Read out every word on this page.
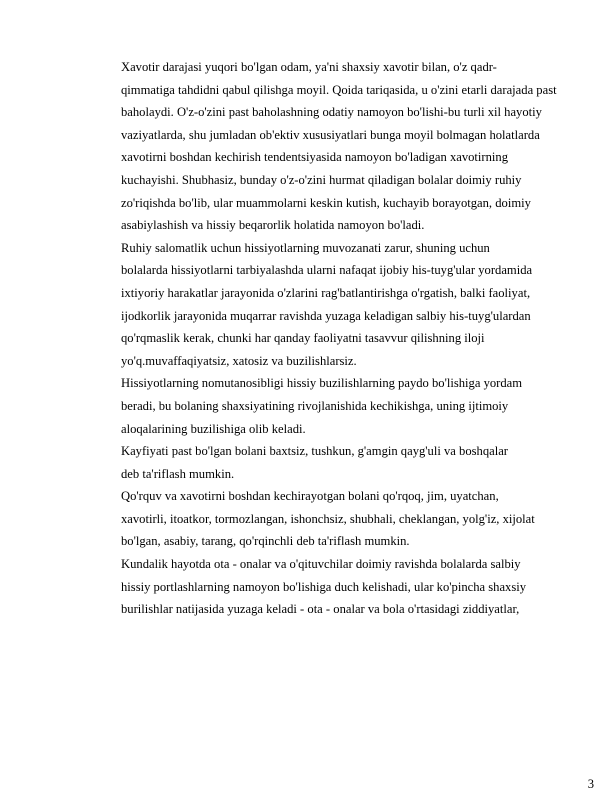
Xavotir darajasi yuqori bo'lgan odam, ya'ni shaxsiy xavotir bilan, o'z qadr-
qimmatiga tahdidni qabul qilishga moyil. Qoida tariqasida, u o'zini etarli darajada past
baholaydi. O'z-o'zini past baholashning odatiy namoyon bo'lishi-bu turli xil hayotiy
vaziyatlarda, shu jumladan ob'ektiv xususiyatlari bunga moyil bolmagan holatlarda
xavotirni boshdan kechirish tendentsiyasida namoyon bo'ladigan xavotirning
kuchayishi. Shubhasiz, bunday o'z-o'zini hurmat qiladigan bolalar doimiy ruhiy
zo'riqishda bo'lib, ular muammolarni keskin kutish, kuchayib borayotgan, doimiy
asabiylashish va hissiy beqarorlik holatida namoyon bo'ladi.

Ruhiy salomatlik uchun hissiyotlarning muvozanati zarur, shuning uchun
bolalarda hissiyotlarni tarbiyalashda ularni nafaqat ijobiy his-tuyg'ular yordamida
ixtiyoriy harakatlar jarayonida o'zlarini rag'batlantirishga o'rgatish, balki faoliyat,
ijodkorlik jarayonida muqarrar ravishda yuzaga keladigan salbiy his-tuyg'ulardan
qo'rqmaslik kerak, chunki har qanday faoliyatni tasavvur qilishning iloji
yo'q.muvaffaqiyatsiz, xatosiz va buzilishlarsiz.

Hissiyotlarning nomutanosibligi hissiy buzilishlarning paydo bo'lishiga yordam
beradi, bu bolaning shaxsiyatining rivojlanishida kechikishga, uning ijtimoiy
aloqalarining buzilishiga olib keladi.

Kayfiyati past bo'lgan bolani baxtsiz, tushkun, g'amgin qayg'uli va boshqalar
deb ta'riflash mumkin.

Qo'rquv va xavotirni boshdan kechirayotgan bolani qo'rqoq, jim, uyatchan,
xavotirli, itoatkor, tormozlangan, ishonchsiz, shubhali, cheklangan, yolg'iz, xijolat
bo'lgan, asabiy, tarang, qo'rqinchli deb ta'riflash mumkin.

Kundalik hayotda ota - onalar va o'qituvchilar doimiy ravishda bolalarda salbiy
hissiy portlashlarning namoyon bo'lishiga duch kelishadi, ular ko'pincha shaxsiy
burilishlar natijasida yuzaga keladi - ota - onalar va bola o'rtasidagi ziddiyatlar,

3
